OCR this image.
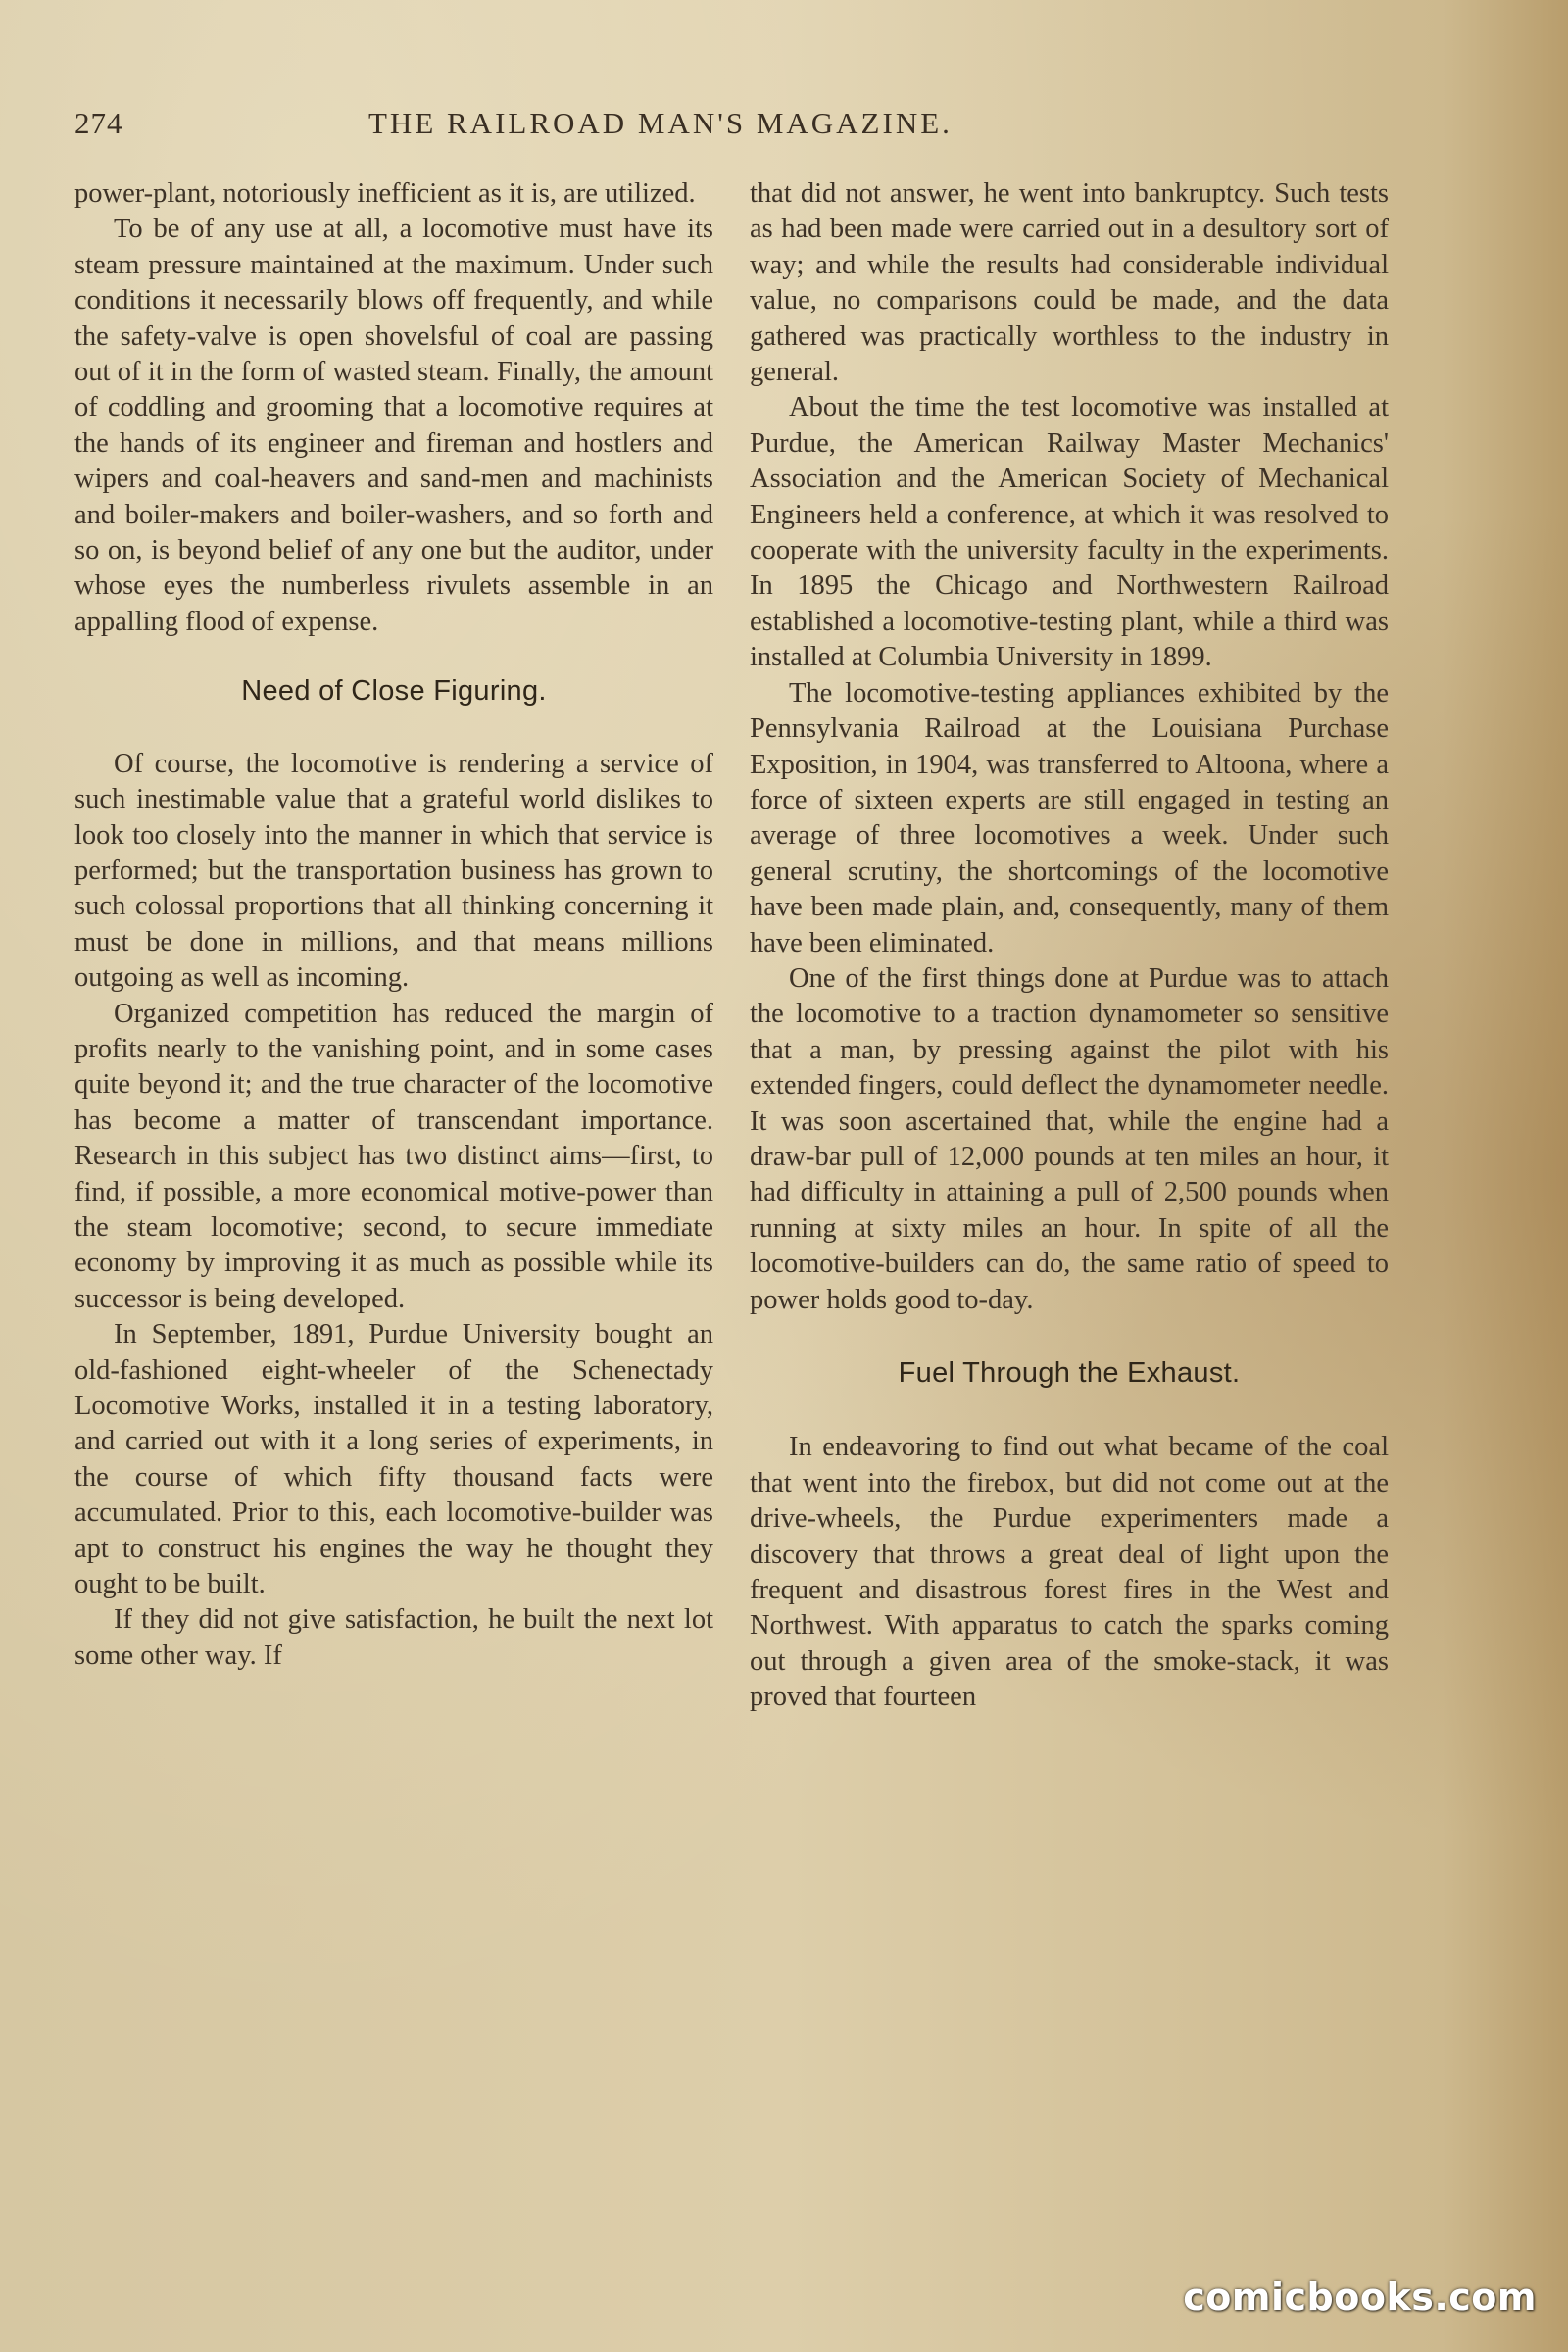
274	THE RAILROAD MAN'S MAGAZINE.

power-plant, notoriously inefficient as it is, are utilized.

To be of any use at all, a locomotive must have its steam pressure maintained at the maximum. Under such conditions it necessarily blows off frequently, and while the safety-valve is open shovelsful of coal are passing out of it in the form of wasted steam. Finally, the amount of coddling and grooming that a locomotive requires at the hands of its engineer and fireman and hostlers and wipers and coal-heavers and sand-men and machinists and boiler-makers and boiler-washers, and so forth and so on, is beyond belief of any one but the auditor, under whose eyes the numberless rivulets assemble in an appalling flood of expense.

Need of Close Figuring.

Of course, the locomotive is rendering a service of such inestimable value that a grateful world dislikes to look too closely into the manner in which that service is performed; but the transportation business has grown to such colossal proportions that all thinking concerning it must be done in millions, and that means millions outgoing as well as incoming.

Organized competition has reduced the margin of profits nearly to the vanishing point, and in some cases quite beyond it; and the true character of the locomotive has become a matter of transcendant importance. Research in this subject has two distinct aims—first, to find, if possible, a more economical motive-power than the steam locomotive; second, to secure immediate economy by improving it as much as possible while its successor is being developed.

In September, 1891, Purdue University bought an old-fashioned eight-wheeler of the Schenectady Locomotive Works, installed it in a testing laboratory, and carried out with it a long series of experiments, in the course of which fifty thousand facts were accumulated. Prior to this, each locomotive-builder was apt to construct his engines the way he thought they ought to be built.

If they did not give satisfaction, he built the next lot some other way. If

that did not answer, he went into bankruptcy. Such tests as had been made were carried out in a desultory sort of way; and while the results had considerable individual value, no comparisons could be made, and the data gathered was practically worthless to the industry in general.

About the time the test locomotive was installed at Purdue, the American Railway Master Mechanics' Association and the American Society of Mechanical Engineers held a conference, at which it was resolved to cooperate with the university faculty in the experiments. In 1895 the Chicago and Northwestern Railroad established a locomotive-testing plant, while a third was installed at Columbia University in 1899.

The locomotive-testing appliances exhibited by the Pennsylvania Railroad at the Louisiana Purchase Exposition, in 1904, was transferred to Altoona, where a force of sixteen experts are still engaged in testing an average of three locomotives a week. Under such general scrutiny, the shortcomings of the locomotive have been made plain, and, consequently, many of them have been eliminated.

One of the first things done at Purdue was to attach the locomotive to a traction dynamometer so sensitive that a man, by pressing against the pilot with his extended fingers, could deflect the dynamometer needle. It was soon ascertained that, while the engine had a draw-bar pull of 12,000 pounds at ten miles an hour, it had difficulty in attaining a pull of 2,500 pounds when running at sixty miles an hour. In spite of all the locomotive-builders can do, the same ratio of speed to power holds good to-day.

Fuel Through the Exhaust.

In endeavoring to find out what became of the coal that went into the firebox, but did not come out at the drive-wheels, the Purdue experimenters made a discovery that throws a great deal of light upon the frequent and disastrous forest fires in the West and Northwest. With apparatus to catch the sparks coming out through a given area of the smoke-stack, it was proved that fourteen

comicbooks.com
